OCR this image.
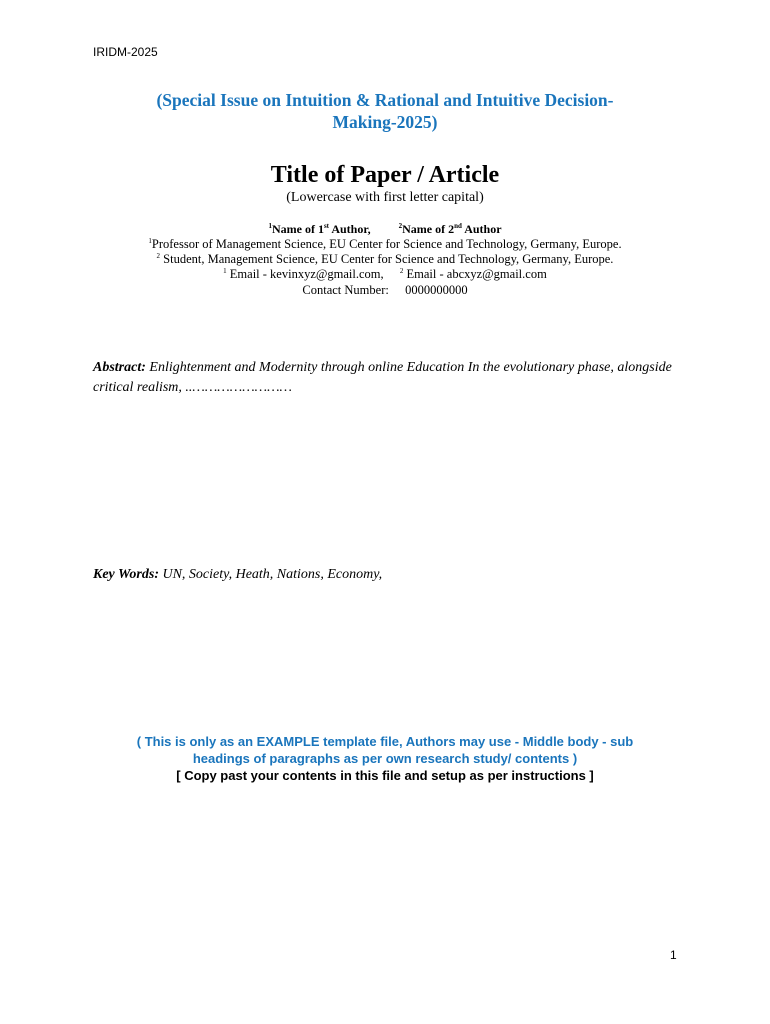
IRIDM-2025
(Special Issue on Intuition & Rational and Intuitive Decision-
Making-2025)
Title of Paper / Article
(Lowercase with first letter capital)
$^1$Name of 1st Author,	$^2$Name of 2nd Author
$^1$Professor of Management Science, EU Center for Science and Technology, Germany, Europe.
$^2$ Student, Management Science, EU Center for Science and Technology, Germany, Europe.
$^1$ Email - kevinxyz@gmail.com, $^2$ Email - abcxyz@gmail.com
Contact Number: 0000000000
Abstract: Enlightenment and Modernity through online Education In the evolutionary phase, alongside critical realism, ..……………………
Key Words: UN, Society, Heath, Nations, Economy,
( This is only as an EXAMPLE template file, Authors may use - Middle body - sub
headings of paragraphs as per own research study/ contents )
[ Copy past your contents in this file and setup as per instructions ]
1
